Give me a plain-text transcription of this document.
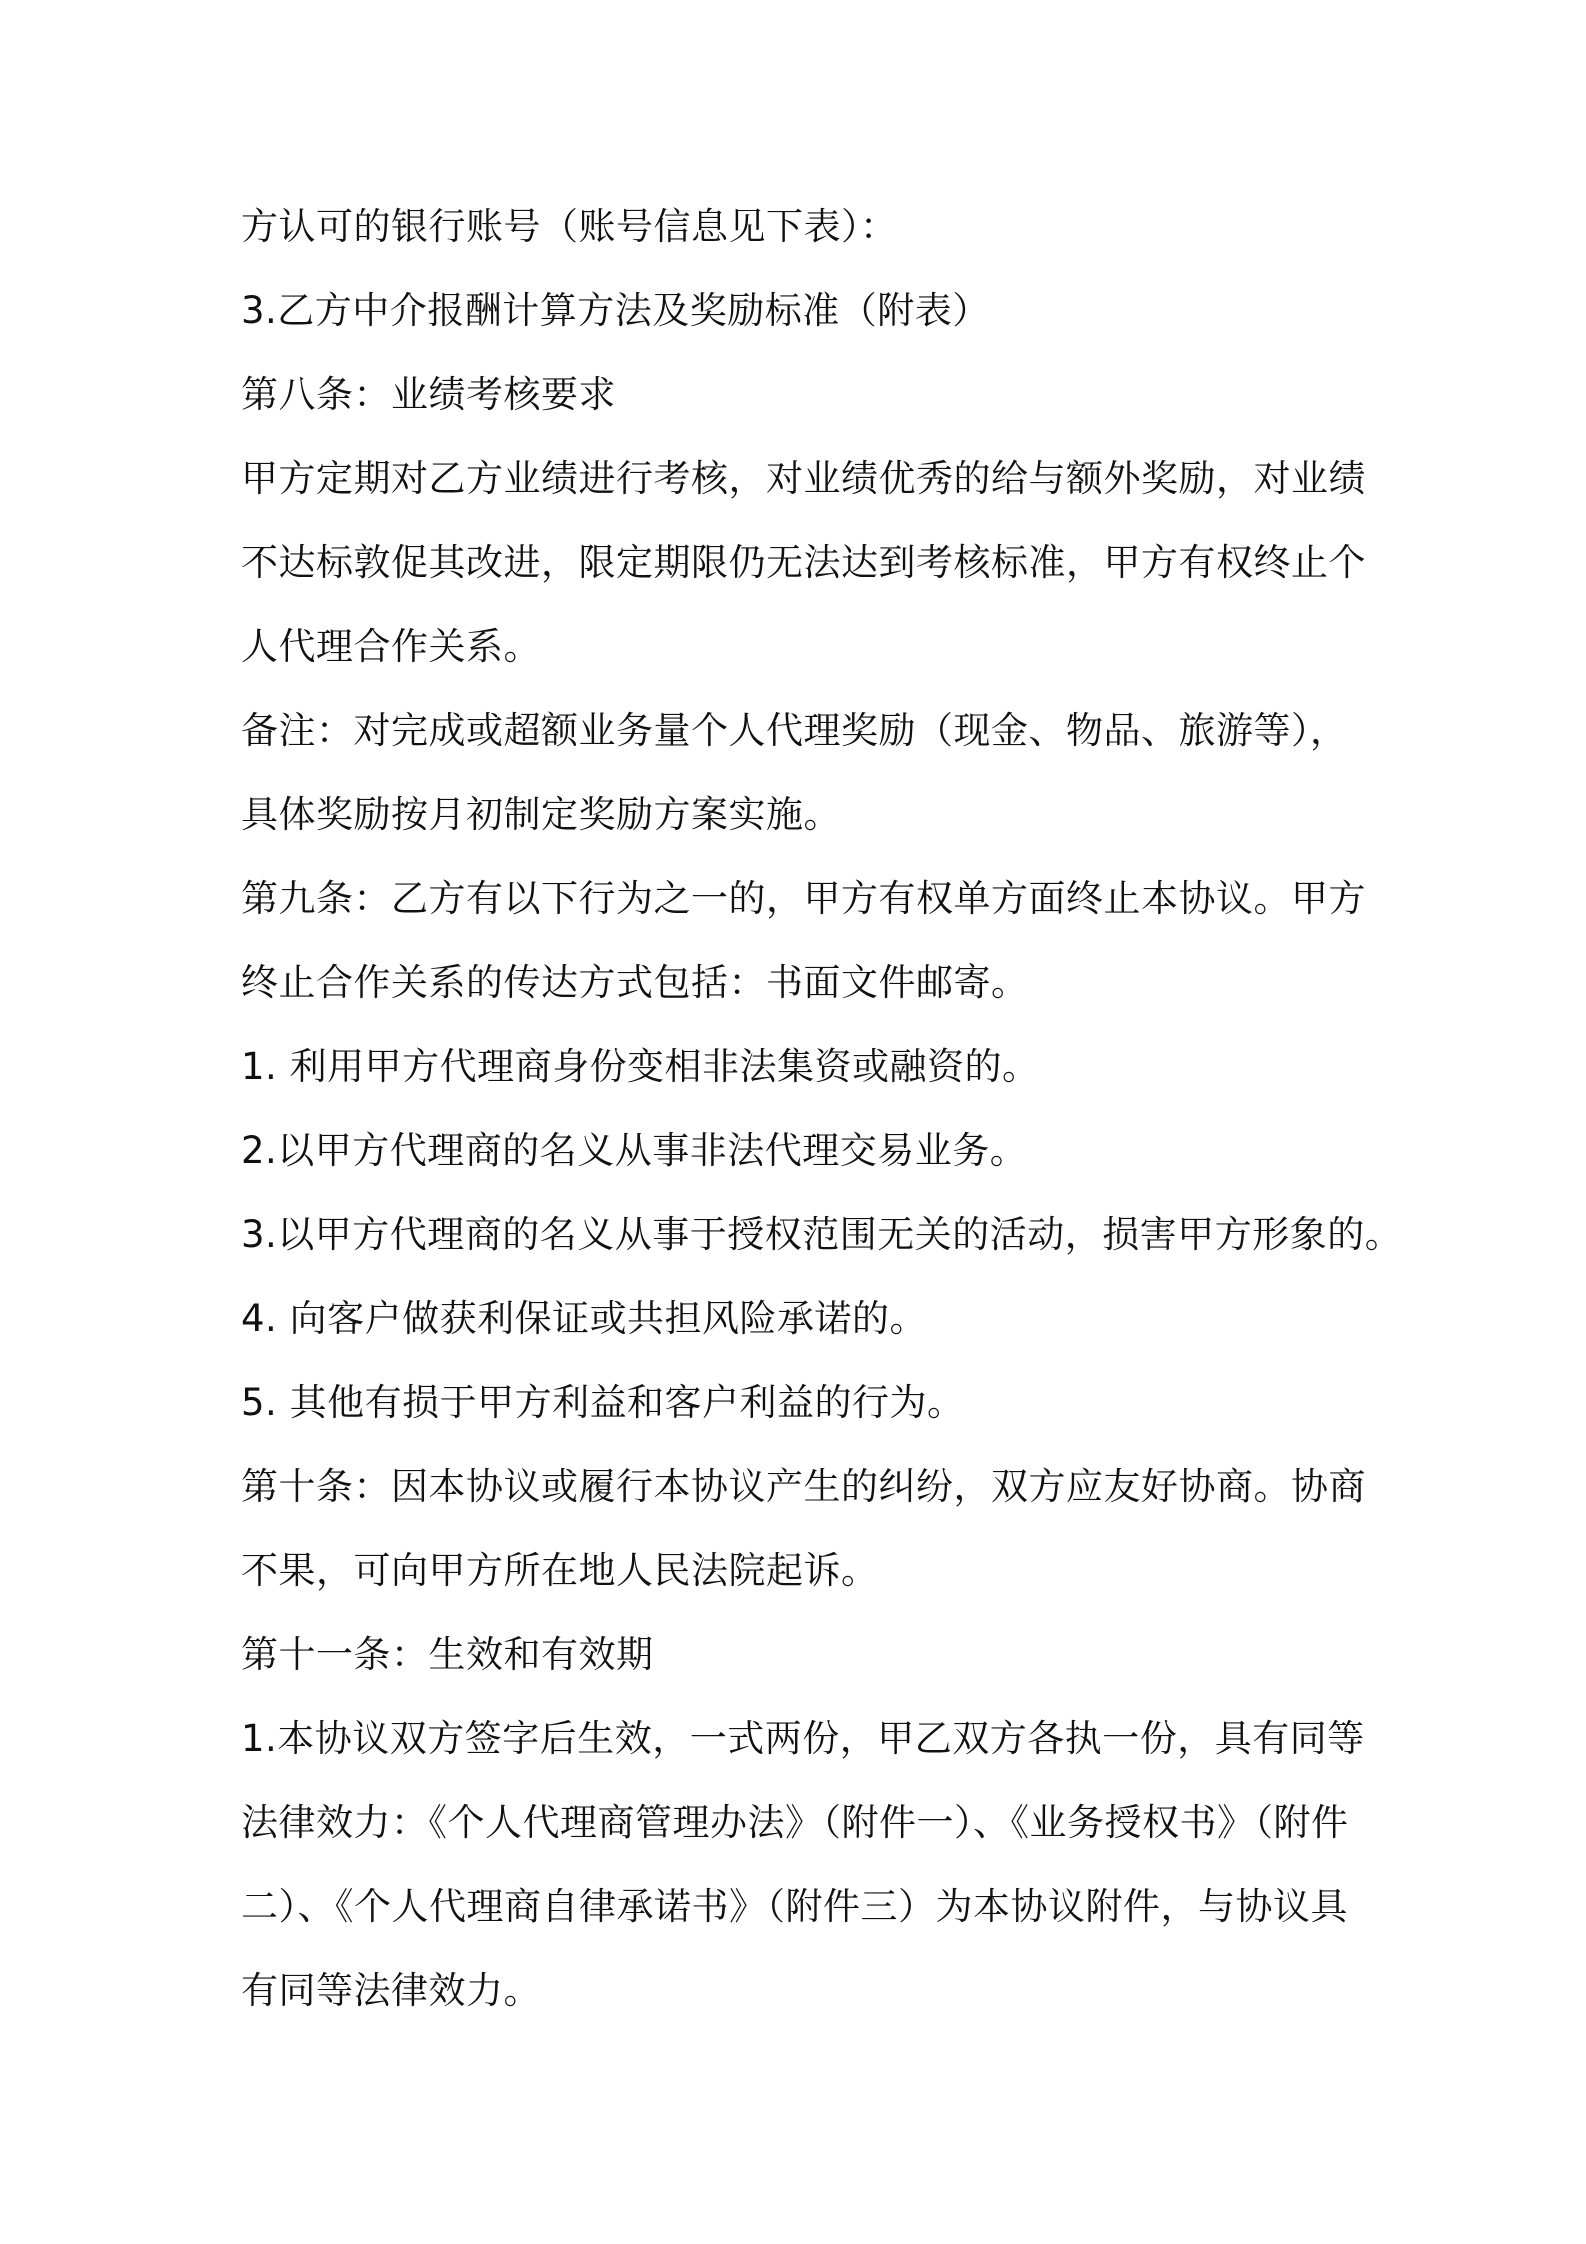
方认可的银行账号（账号信息见下表）：
3.乙方中介报酬计算方法及奖励标准（附表）
第八条：业绩考核要求
甲方定期对乙方业绩进行考核，对业绩优秀的给与额外奖励，对业绩
不达标敦促其改进，限定期限仍无法达到考核标准，甲方有权终止个
人代理合作关系。
备注：对完成或超额业务量个人代理奖励（现金、物品、旅游等），
具体奖励按月初制定奖励方案实施。
第九条：乙方有以下行为之一的，甲方有权单方面终止本协议。甲方
终止合作关系的传达方式包括：书面文件邮寄。
1. 利用甲方代理商身份变相非法集资或融资的。
2.以甲方代理商的名义从事非法代理交易业务。
3.以甲方代理商的名义从事于授权范围无关的活动，损害甲方形象的。
4. 向客户做获利保证或共担风险承诺的。
5. 其他有损于甲方利益和客户利益的行为。
第十条：因本协议或履行本协议产生的纠纷，双方应友好协商。协商
不果，可向甲方所在地人民法院起诉。
第十一条：生效和有效期
1.本协议双方签字后生效，一式两份，甲乙双方各执一份，具有同等
法律效力：《个人代理商管理办法》（附件一）、《业务授权书》（附件
二）、《个人代理商自律承诺书》（附件三）为本协议附件，与协议具
有同等法律效力。
